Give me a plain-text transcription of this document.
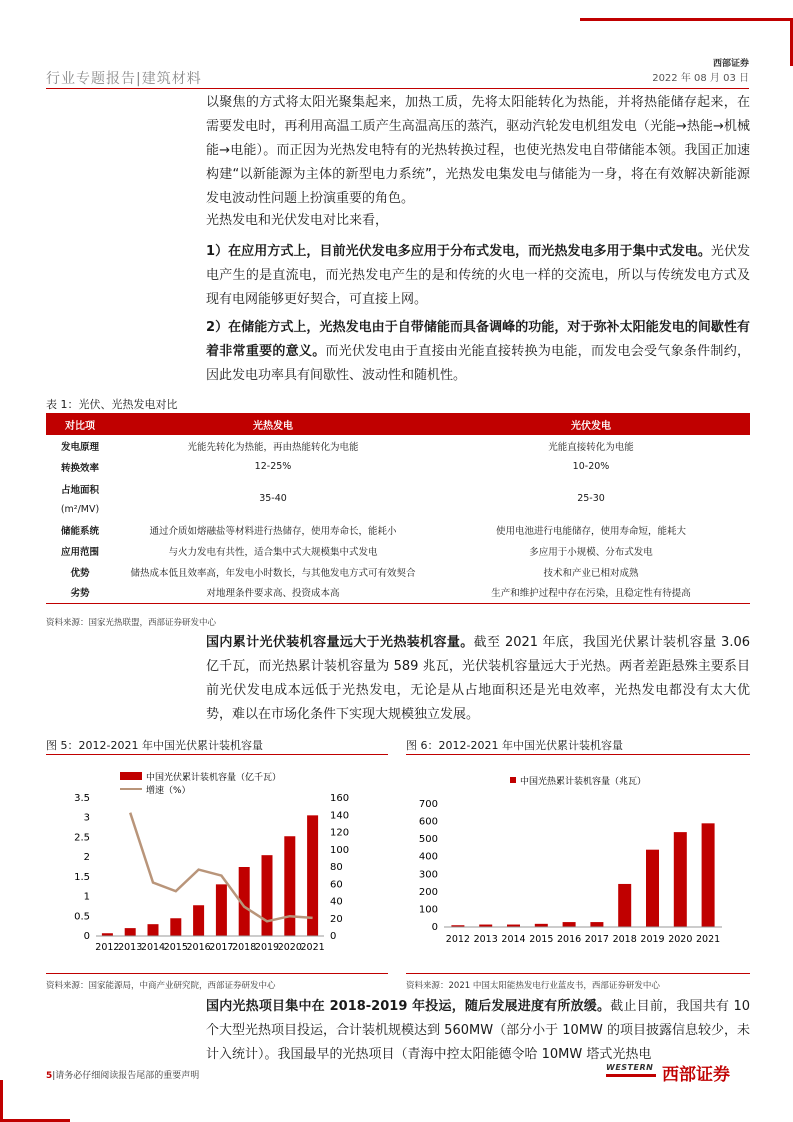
行业专题报告|建筑材料
西部证券
2022 年 08 月 03 日
以聚焦的方式将太阳光聚集起来，加热工质，先将太阳能转化为热能，并将热能储存起来，在需要发电时，再利用高温工质产生高温高压的蒸汽，驱动汽轮发电机组发电（光能→热能→机械能→电能）。而正因为光热发电特有的光热转换过程，也使光热发电自带储能本领。我国正加速构建“以新能源为主体的新型电力系统”，光热发电集发电与储能为一身，将在有效解决新能源发电波动性问题上扮演重要的角色。
光热发电和光伏发电对比来看，
1）在应用方式上，目前光伏发电多应用于分布式发电，而光热发电多用于集中式发电。光伏发电产生的是直流电，而光热发电产生的是和传统的火电一样的交流电，所以与传统发电方式及现有电网能够更好契合，可直接上网。
2）在储能方式上，光热发电由于自带储能而具备调峰的功能，对于弥补太阳能发电的间歇性有着非常重要的意义。而光伏发电由于直接由光能直接转换为电能，而发电会受气象条件制约，因此发电功率具有间歇性、波动性和随机性。
表 1：光伏、光热发电对比
对比项	光热发电	光伏发电
发电原理	光能先转化为热能，再由热能转化为电能	光能直接转化为电能
转换效率	12-25%	10-20%

占地面积
(m²/MV)	35-40	25-30
储能系统	通过介质如熔融盐等材料进行热储存，使用寿命长，能耗小	使用电池进行电能储存，使用寿命短，能耗大
应用范围	与火力发电有共性，适合集中式大规模集中式发电	多应用于小规模、分布式发电
优势	储热成本低且效率高，年发电小时数长，与其他发电方式可有效契合	技术和产业已相对成熟
劣势	对地理条件要求高、投资成本高	生产和维护过程中存在污染，且稳定性有待提高
资料来源：国家光热联盟，西部证券研发中心
国内累计光伏装机容量远大于光热装机容量。截至 2021 年底，我国光伏累计装机容量 3.06 亿千瓦，而光热累计装机容量为 589 兆瓦，光伏装机容量远大于光热。两者差距悬殊主要系目前光伏发电成本远低于光热发电，无论是从占地面积还是光电效率，光热发电都没有太大优势，难以在市场化条件下实现大规模独立发展。
图 5：2012-2021 年中国光伏累计装机容量
中国光伏累计装机容量（亿千瓦）
增速（%）
0
0.5
1
1.5
2
2.5
3
3.5
0
20
40
60
80
100
120
140
160
2012
2013
2014
2015
2016
2017
2018
2019
2020
2021
资料来源：国家能源局，中商产业研究院，西部证券研发中心
图 6：2012-2021 年中国光伏累计装机容量
中国光热累计装机容量（兆瓦）
0
100
200
300
400
500
600
700
2012 2013 2014 2015 2016 2017 2018 2019 2020 2021
资料来源：2021 中国太阳能热发电行业蓝皮书，西部证券研发中心
国内光热项目集中在 2018-2019 年投运，随后发展进度有所放缓。截止目前，我国共有 10 个大型光热项目投运，合计装机规模达到 560MW（部分小于 10MW 的项目披露信息较少，未计入统计）。我国最早的光热项目（青海中控太阳能德令哈 10MW 塔式光热电
5|请务必仔细阅读报告尾部的重要声明
WESTERN 西部证券
